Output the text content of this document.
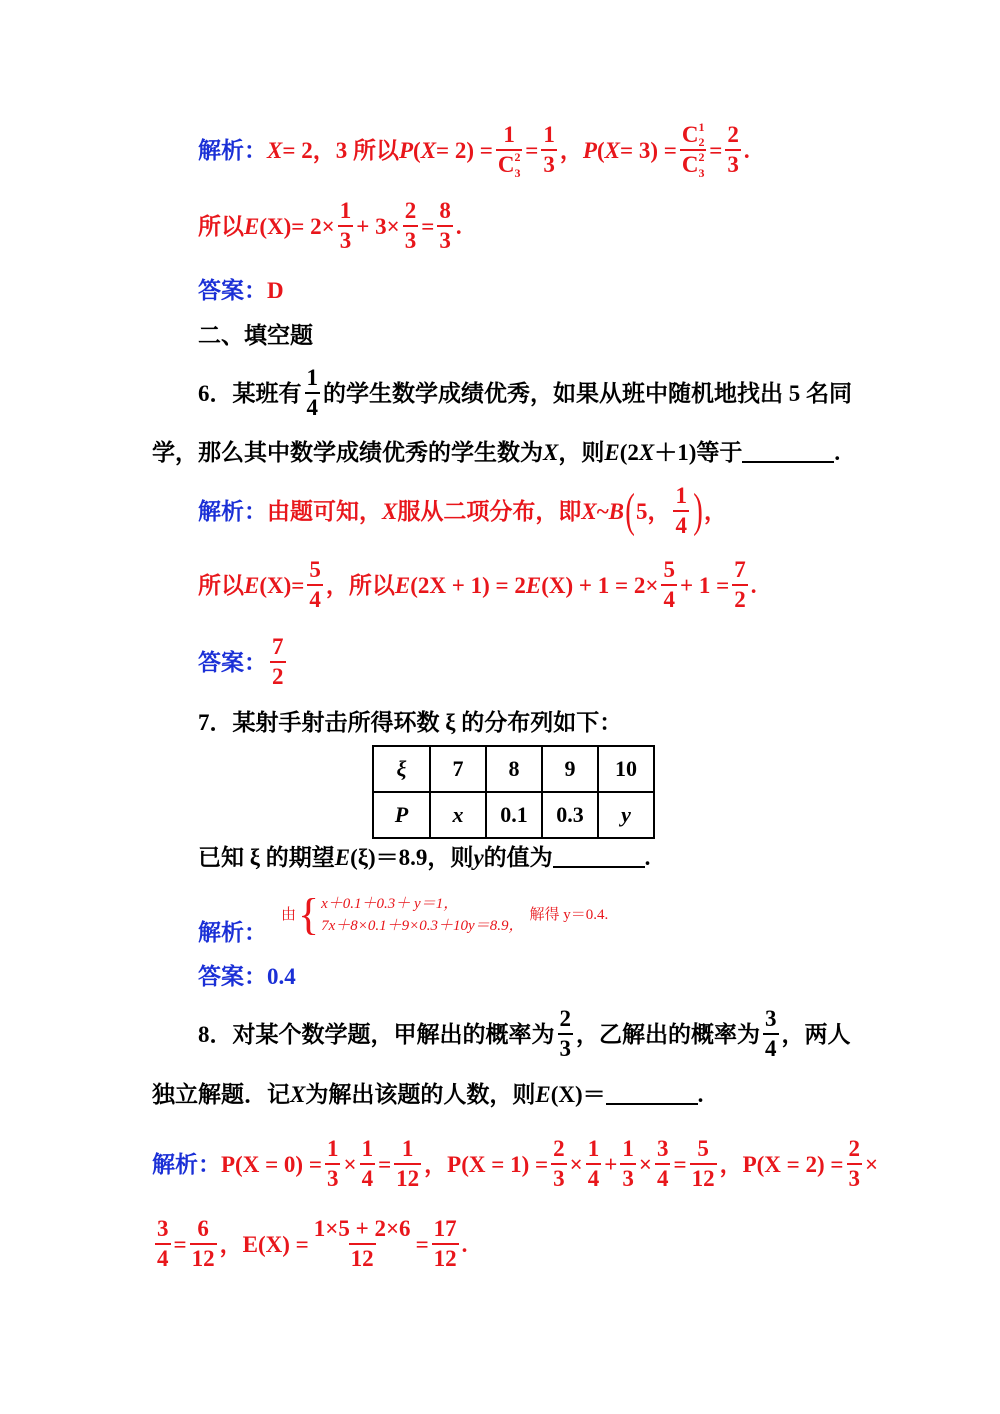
解析： X = 2，3 所以 P ( X = 2) = 1
C 2
3
= $\frac{1}{3}$ ， P ( X = 3) = C 1
2

C 2
3
= $\frac{2}{3}$ .
所以 E $(X) = 2\times \frac{1}{3} + 3\times \frac{2}{3} = \frac{8}{3}$ .
答案： D
二、填空题
6．某班有 $\frac{1}{4}$ 的学生数学成绩优秀，如果从班中随机地找出 5 名同
学，那么其中数学成绩优秀的学生数为 X ，则 E (2 X ＋1)等于	.
解析： 由题可知， X 服从二项分布，即 X ~ B ( 5， $\frac{1}{4}$ ) ，
所以 E $(X) = \frac{5}{4}$ ，所以 E (2X + 1) = 2 E $(X) + 1 = 2\times \frac{5}{4} + 1 = \frac{7}{2}$ .
答案： $\frac{7}{2}$
7．某射手射击所得环数 ξ 的分布列如下：
ξ	7	8	9	10
P	x	0.1	0.3	y
已知 ξ 的期望 E (ξ)＝8.9，则 y 的值为	.
解析：
由 { x＋0.1＋0.3＋ y＝1，
7x＋8×0.1＋9×0.3＋10y＝8.9，
解得 y＝0.4.
答案： 0.4
8．对某个数学题，甲解出的概率为 $\frac{2}{3}$ ，乙解出的概率为 $\frac{3}{4}$ ，两人
独立解题．记 X 为解出该题的人数，则 E (X)＝	.
解析： $P(X = 0) = \frac{1}{3} \times \frac{1}{4} = \frac{1}{12}$ ， $P(X = 1) = \frac{2}{3} \times \frac{1}{4} + \frac{1}{3} \times \frac{3}{4} = \frac{5}{12}$ ， $P(X = 2) = \frac{2}{3}$ ×
$\frac{3}{4} = \frac{6}{12}$ ， $E(X) = \frac{1\times 5 + 2\times 6}{12} = \frac{17}{12}$ .
